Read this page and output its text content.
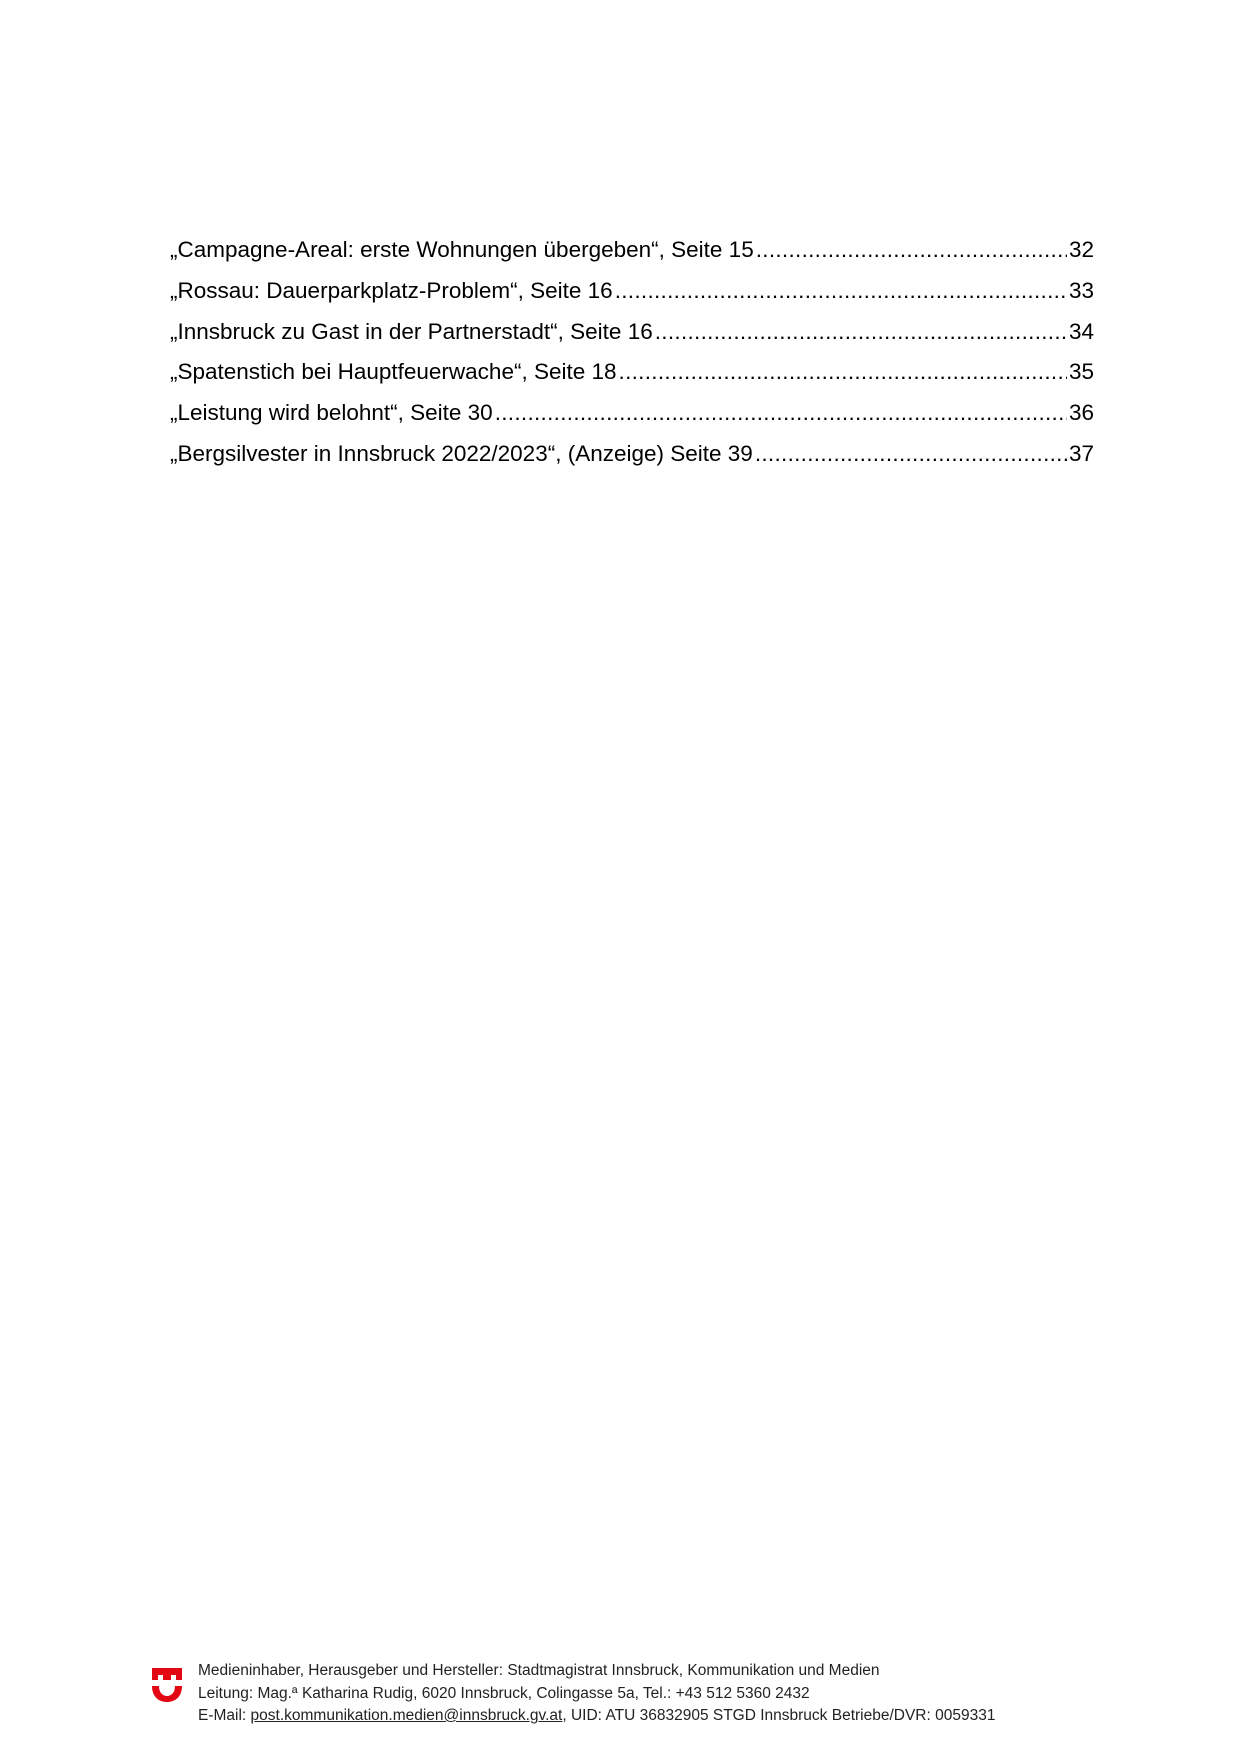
„Campagne-Areal: erste Wohnungen übergeben“, Seite 15 .....	32
„Rossau: Dauerparkplatz-Problem“, Seite 16 .....	33
„Innsbruck zu Gast in der Partnerstadt“, Seite 16 .....	34
„Spatenstich bei Hauptfeuerwache“, Seite 18 .....	35
„Leistung wird belohnt“, Seite 30 .....	36
„Bergsilvester in Innsbruck 2022/2023“, (Anzeige) Seite 39 .....	37
Medieninhaber, Herausgeber und Hersteller: Stadtmagistrat Innsbruck, Kommunikation und Medien
Leitung: Mag.ª Katharina Rudig, 6020 Innsbruck, Colingasse 5a, Tel.: +43 512 5360 2432
E-Mail: post.kommunikation.medien@innsbruck.gv.at, UID: ATU 36832905 STGD Innsbruck Betriebe/DVR: 0059331
